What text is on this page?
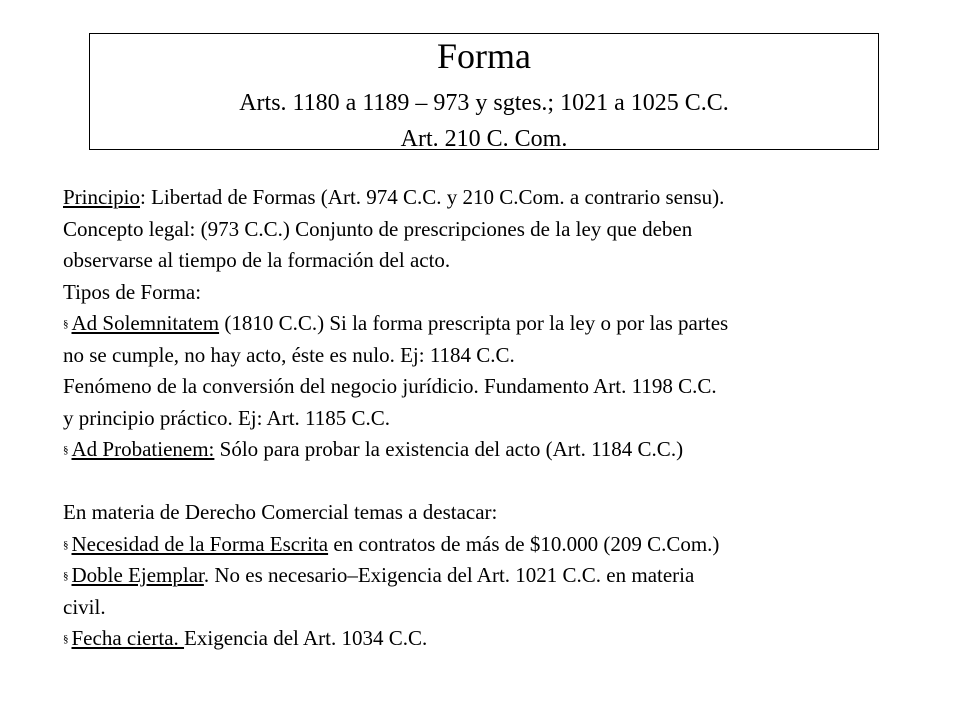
Forma
Arts. 1180 a 1189 – 973 y sgtes.; 1021 a 1025 C.C.
Art. 210 C. Com.
Principio: Libertad de Formas (Art. 974 C.C. y 210 C.Com. a contrario sensu).
Concepto legal: (973 C.C.) Conjunto de prescripciones de la ley que deben
observarse al tiempo de la formación del acto.
Tipos de Forma:
§ Ad Solemnitatem (1810 C.C.) Si la forma prescripta por la ley o por las partes
no se cumple, no hay acto, éste es nulo. Ej: 1184 C.C.
Fenómeno de la conversión del negocio jurídicio. Fundamento Art. 1198 C.C.
y principio práctico. Ej: Art. 1185 C.C.
§ Ad Probatienem: Sólo para probar la existencia del acto (Art. 1184 C.C.)
En materia de Derecho Comercial temas a destacar:
§ Necesidad de la Forma Escrita en contratos de más de $10.000 (209 C.Com.)
§ Doble Ejemplar. No es necesario–Exigencia del Art. 1021 C.C. en materia
civil.
§ Fecha cierta. Exigencia del Art. 1034 C.C.
